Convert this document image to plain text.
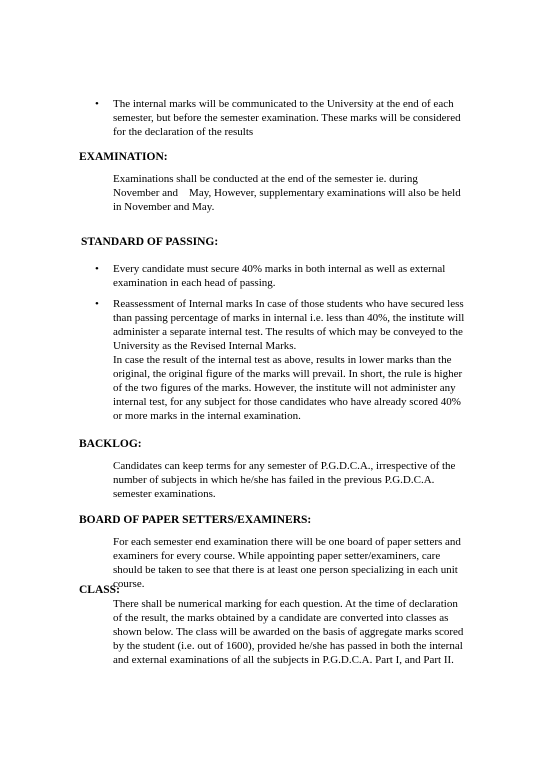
• The internal marks will be communicated to the University at the end of each semester, but before the semester examination. These marks will be considered for the declaration of the results

EXAMINATION:

Examinations shall be conducted at the end of the semester ie. during November and    May, However, supplementary examinations will also be held in November and May.

STANDARD OF PASSING:
• Every candidate must secure 40% marks in both internal as well as external examination in each head of passing.

• Reassessment of Internal marks In case of those students who have secured less than passing percentage of marks in internal i.e. less than 40%, the institute will administer a separate internal test. The results of which may be conveyed to the University as the Revised Internal Marks.

In case the result of the internal test as above, results in lower marks than the original, the original figure of the marks will prevail. In short, the rule is higher of the two figures of the marks. However, the institute will not administer any internal test, for any subject for those candidates who have already scored 40% or more marks in the internal examination.

BACKLOG:

Candidates can keep terms for any semester of P.G.D.C.A., irrespective of the number of subjects in which he/she has failed in the previous P.G.D.C.A. semester examinations.

BOARD OF PAPER SETTERS/EXAMINERS:

For each semester end examination there will be one board of paper setters and examiners for every course. While appointing paper setter/examiners, care should be taken to see that there is at least one person specializing in each unit course.

CLASS:

There shall be numerical marking for each question. At the time of declaration of the result, the marks obtained by a candidate are converted into classes as shown below. The class will be awarded on the basis of aggregate marks scored by the student (i.e. out of 1600), provided he/she has passed in both the internal and external examinations of all the subjects in P.G.D.C.A. Part I, and Part II.
